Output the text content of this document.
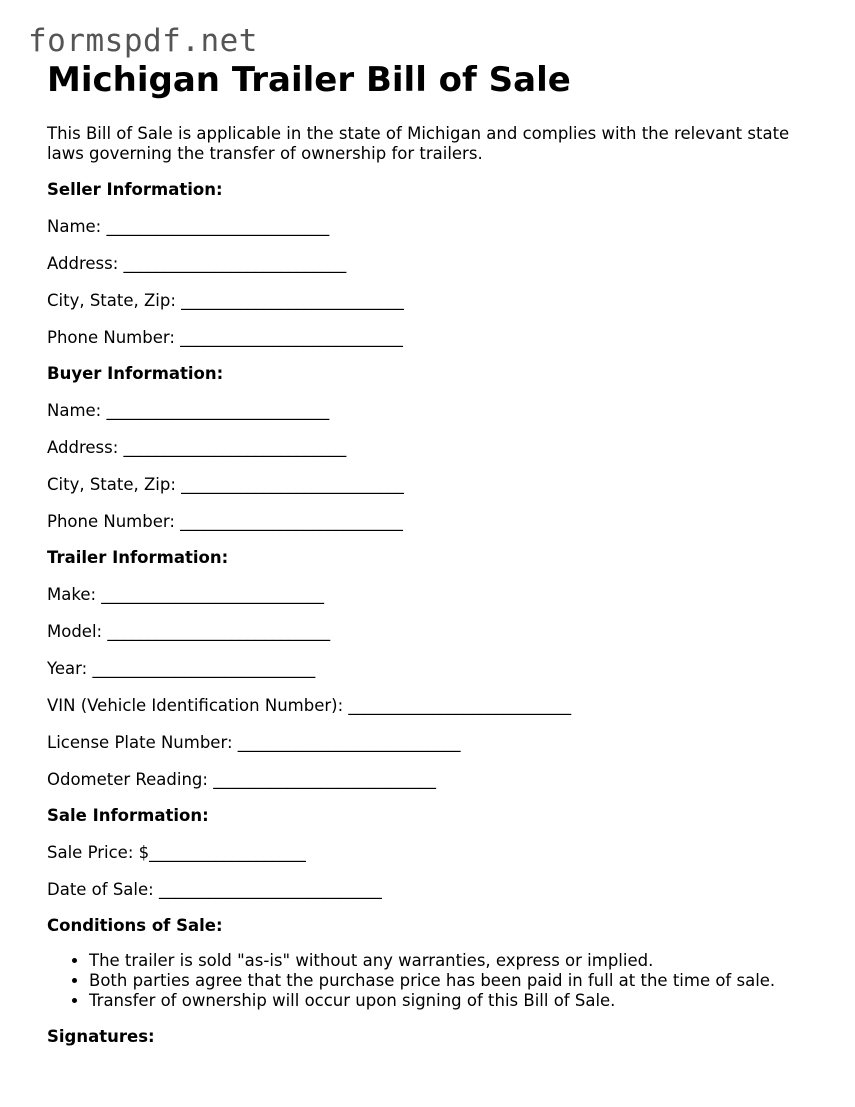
formspdf.net
Michigan Trailer Bill of Sale

This Bill of Sale is applicable in the state of Michigan and complies with the relevant state laws governing the transfer of ownership for trailers.

Seller Information:
Name: ___________________________
Address: ___________________________
City, State, Zip: ___________________________
Phone Number: ___________________________
Buyer Information:
Name: ___________________________
Address: ___________________________
City, State, Zip: ___________________________
Phone Number: ___________________________
Trailer Information:
Make: ___________________________
Model: ___________________________
Year: ___________________________
VIN (Vehicle Identification Number): ___________________________
License Plate Number: ___________________________
Odometer Reading: ___________________________
Sale Information:
Sale Price: $___________________
Date of Sale: ___________________________
Conditions of Sale:
• The trailer is sold "as-is" without any warranties, express or implied.
• Both parties agree that the purchase price has been paid in full at the time of sale.
• Transfer of ownership will occur upon signing of this Bill of Sale.
Signatures:
